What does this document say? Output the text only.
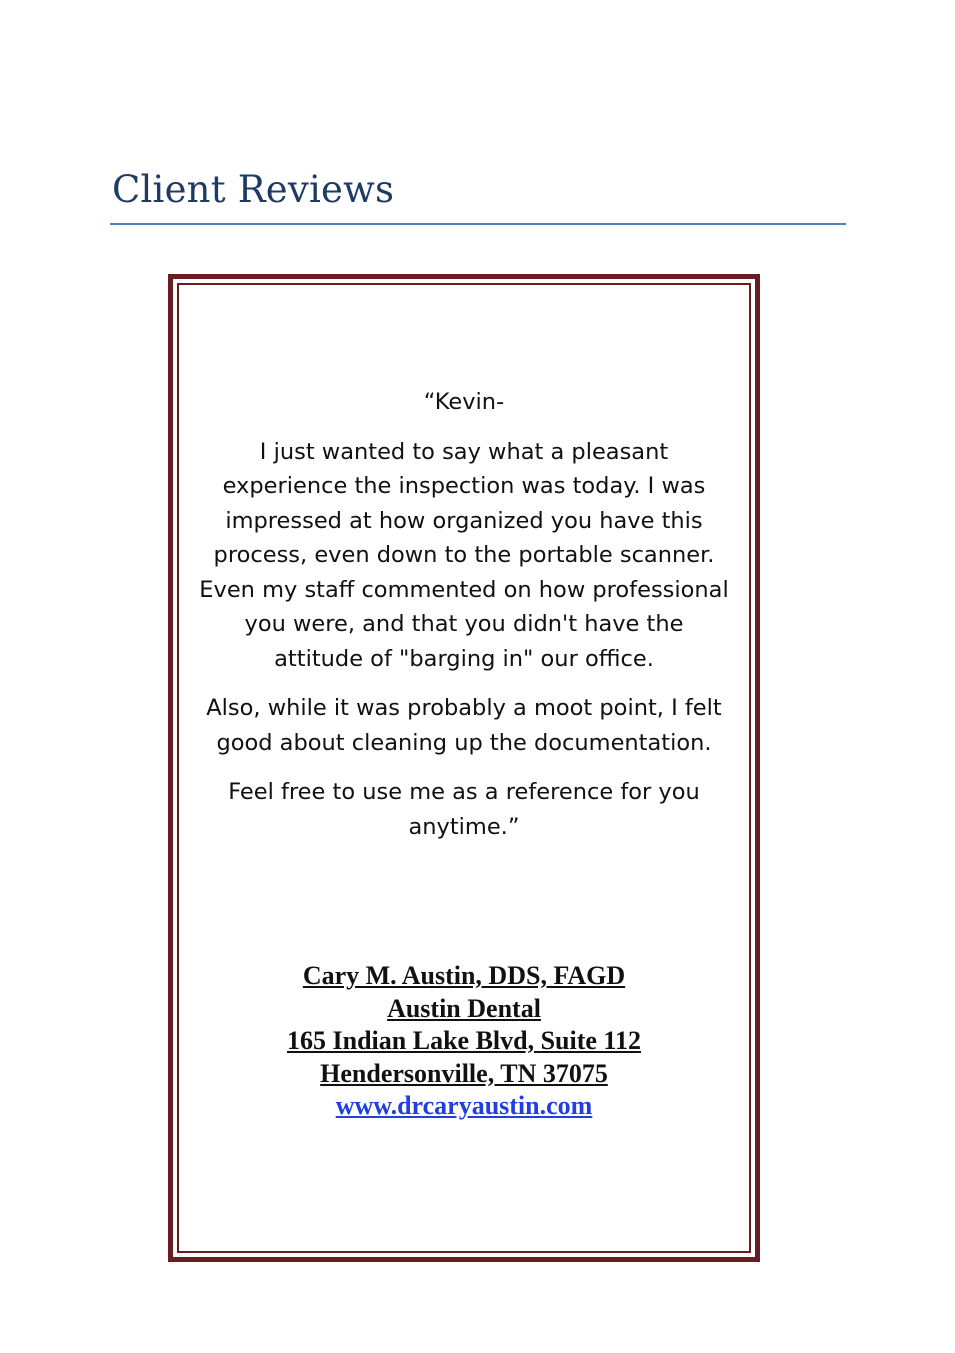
Client Reviews

“Kevin-

I just wanted to say what a pleasant experience the inspection was today. I was impressed at how organized you have this process, even down to the portable scanner. Even my staff commented on how professional you were, and that you didn't have the attitude of "barging in" our office.

Also, while it was probably a moot point, I felt good about cleaning up the documentation.

Feel free to use me as a reference for you anytime.”

Cary M. Austin, DDS, FAGD
Austin Dental
165 Indian Lake Blvd, Suite 112
Hendersonville, TN 37075
www.drcaryaustin.com
